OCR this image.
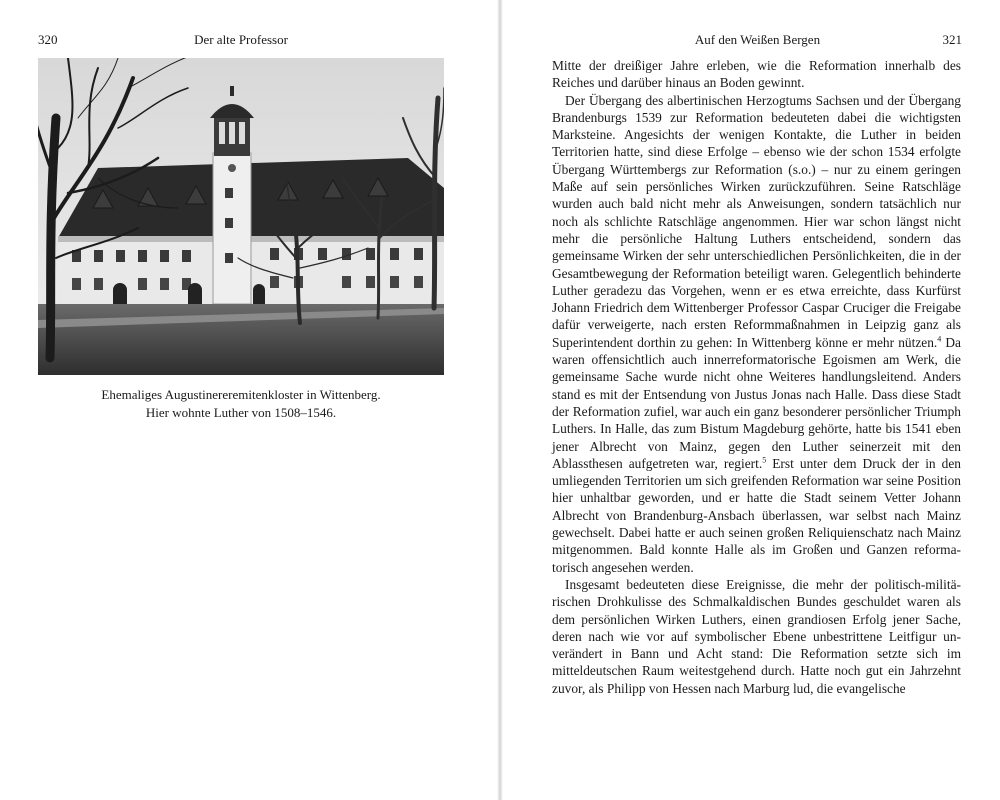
320	Der alte Professor
Ehemaliges Augustinereremitenkloster in Wittenberg.
Hier wohnte Luther von 1508–1546.
Auf den Weißen Bergen	321

Mitte der dreißiger Jahre erleben, wie die Reformation innerhalb des Reiches und darüber hinaus an Boden gewinnt.

Der Übergang des albertinischen Herzogtums Sachsen und der Übergang Brandenburgs 1539 zur Reformation bedeuteten dabei die wichtigsten Marksteine. Angesichts der wenigen Kontakte, die Luther in beiden Territorien hatte, sind diese Erfolge – ebenso wie der schon 1534 erfolgte Übergang Württembergs zur Reformation (s.o.) – nur zu einem geringen Maße auf sein persönliches Wirken zurückzuführen. Seine Ratschläge wurden auch bald nicht mehr als Anweisungen, sondern tatsächlich nur noch als schlichte Ratschläge angenommen. Hier war schon längst nicht mehr die persönliche Haltung Luthers entscheidend, sondern das gemeinsame Wirken der sehr unterschiedlichen Persönlichkeiten, die in der Gesamtbewegung der Reformation beteiligt waren. Gelegentlich behinderte Luther geradezu das Vorgehen, wenn er es etwa erreichte, dass Kurfürst Johann Friedrich dem Wittenberger Professor Caspar Cruciger die Freigabe dafür verweigerte, nach ersten Reformmaßnahmen in Leipzig ganz als Superintendent dorthin zu gehen: In Wittenberg könne er mehr nützen.$^4$ Da waren offensichtlich auch innerreformatorische Egoismen am Werk, die gemeinsame Sache wurde nicht ohne Weiteres handlungsleitend. Anders stand es mit der Entsendung von Justus Jonas nach Halle. Dass diese Stadt der Reformation zufiel, war auch ein ganz besonderer persönlicher Triumph Luthers. In Halle, das zum Bistum Magdeburg gehörte, hatte bis 1541 eben jener Albrecht von Mainz, gegen den Luther seinerzeit mit den Ablassthesen aufgetreten war, regiert.$^5$ Erst unter dem Druck der in den umliegenden Territorien um sich greifenden Reformation war seine Position hier unhaltbar geworden, und er hatte die Stadt seinem Vetter Johann Albrecht von Brandenburg-Ansbach überlassen, war selbst nach Mainz gewechselt. Dabei hatte er auch seinen großen Reliquienschatz nach Mainz mitgenommen. Bald konnte Halle als im Großen und Ganzen reformatorisch angesehen werden.

Insgesamt bedeuteten diese Ereignisse, die mehr der politisch-militärischen Drohkulisse des Schmalkaldischen Bundes geschuldet waren als dem persönlichen Wirken Luthers, einen grandiosen Erfolg jener Sache, deren nach wie vor auf symbolischer Ebene unbestrittene Leitfigur unverändert in Bann und Acht stand: Die Reformation setzte sich im mitteldeutschen Raum weitestgehend durch. Hatte noch gut ein Jahrzehnt zuvor, als Philipp von Hessen nach Marburg lud, die evangelische
